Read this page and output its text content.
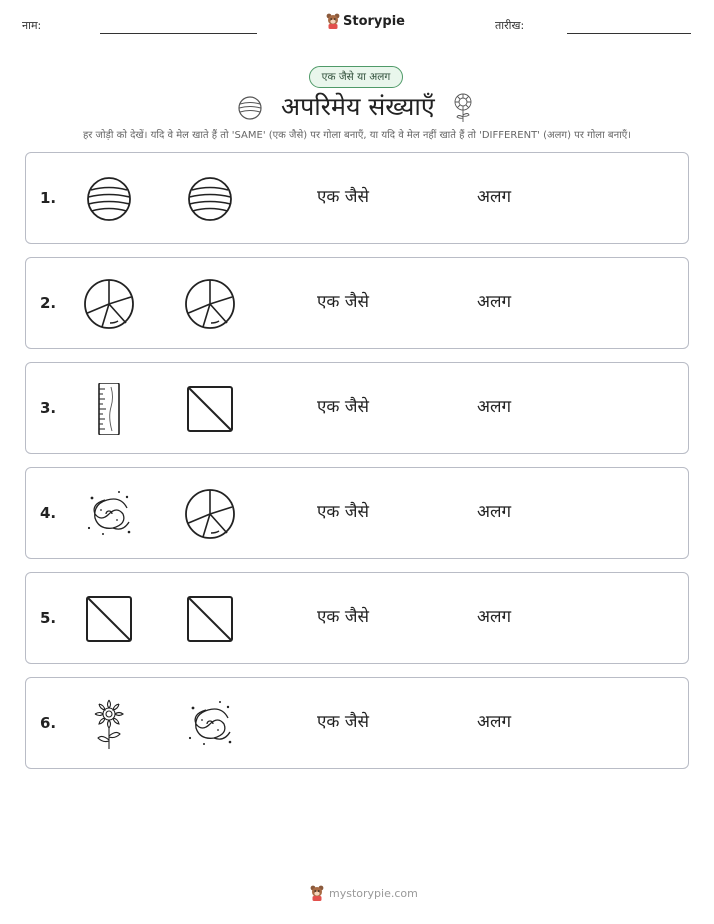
नाम:	Storypie	तारीख:
एक जैसे या अलग
अपरिमेय संख्याएँ
हर जोड़ी को देखें। यदि वे मेल खाते हैं तो 'SAME' (एक जैसे) पर गोला बनाएँ, या यदि वे मेल नहीं खाते हैं तो 'DIFFERENT' (अलग) पर गोला बनाएँ।
1.	एक जैसे	अलग
2.	एक जैसे	अलग
3.	एक जैसे	अलग
4.	एक जैसे	अलग
5.	एक जैसे	अलग
6.	एक जैसे	अलग
mystorypie.com
